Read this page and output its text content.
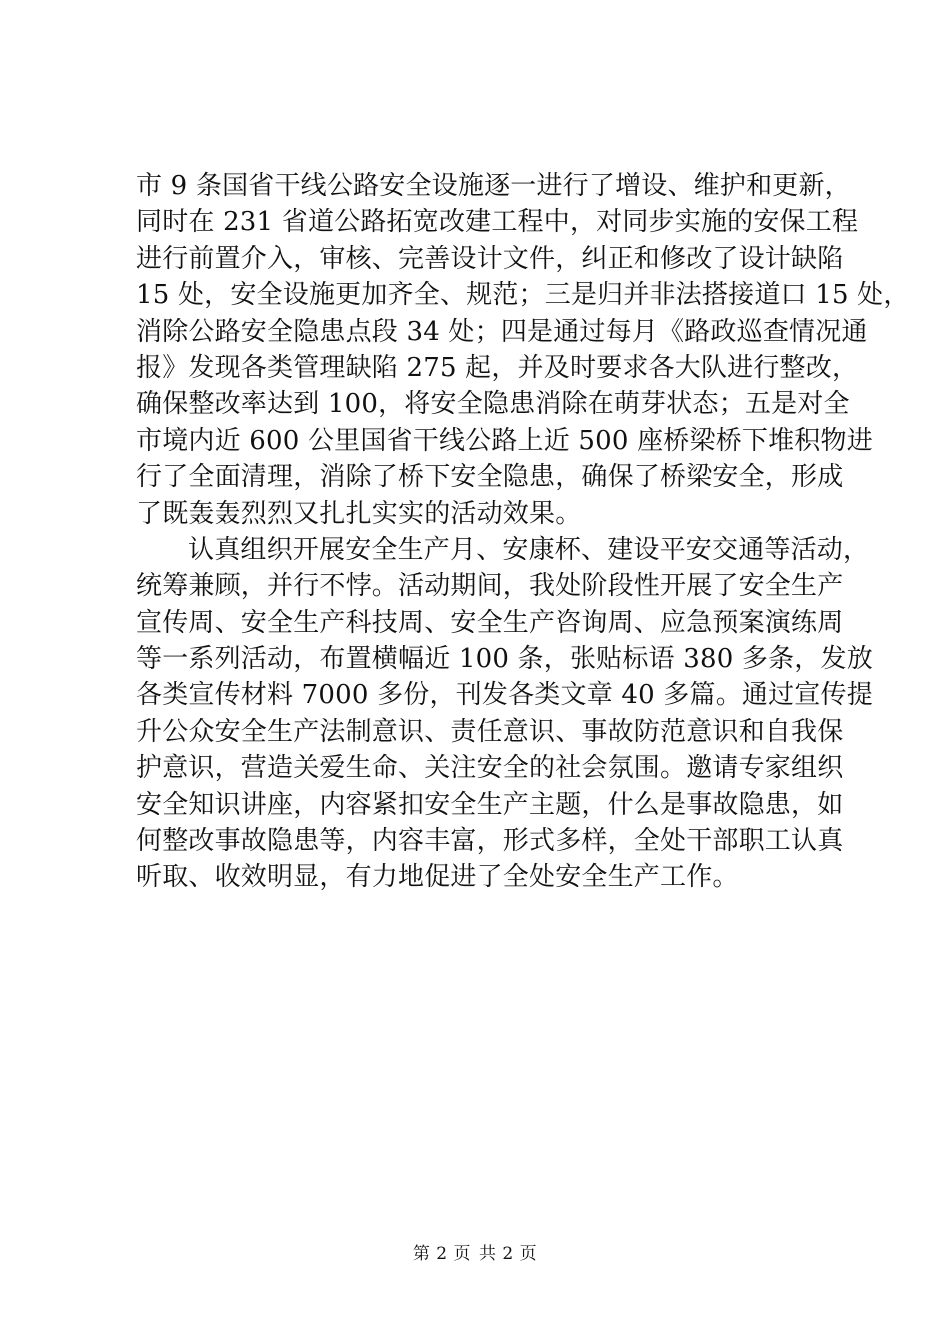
市 9 条国省干线公路安全设施逐一进行了增设、维护和更新，
同时在 231 省道公路拓宽改建工程中，对同步实施的安保工程
进行前置介入，审核、完善设计文件，纠正和修改了设计缺陷
15 处，安全设施更加齐全、规范；三是归并非法搭接道口 15 处，
消除公路安全隐患点段 34 处；四是通过每月《路政巡查情况通
报》发现各类管理缺陷 275 起，并及时要求各大队进行整改，
确保整改率达到 100，将安全隐患消除在萌芽状态；五是对全
市境内近 600 公里国省干线公路上近 500 座桥梁桥下堆积物进
行了全面清理，消除了桥下安全隐患，确保了桥梁安全，形成
了既轰轰烈烈又扎扎实实的活动效果。
认真组织开展安全生产月、安康杯、建设平安交通等活动，
统筹兼顾，并行不悖。活动期间，我处阶段性开展了安全生产
宣传周、安全生产科技周、安全生产咨询周、应急预案演练周
等一系列活动，布置横幅近 100 条，张贴标语 380 多条，发放
各类宣传材料 7000 多份，刊发各类文章 40 多篇。通过宣传提
升公众安全生产法制意识、责任意识、事故防范意识和自我保
护意识，营造关爱生命、关注安全的社会氛围。邀请专家组织
安全知识讲座，内容紧扣安全生产主题，什么是事故隐患，如
何整改事故隐患等，内容丰富，形式多样，全处干部职工认真
听取、收效明显，有力地促进了全处安全生产工作。
第 2 页 共 2 页
